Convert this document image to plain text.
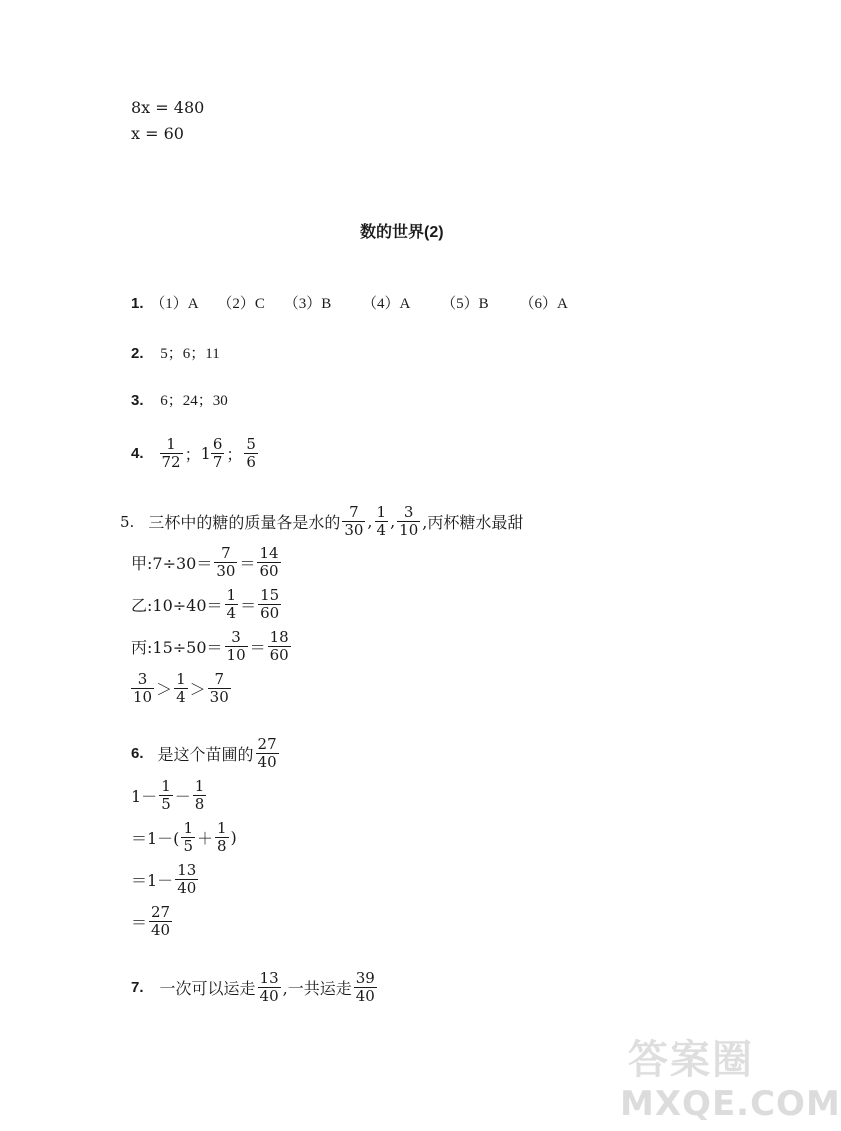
8x = 480
x = 60
数的世界(2)
1. （1）A （2）C （3）B （4）A （5）B （6）A
2. 5；6；11
3. 6；24；30
4. $\frac{1}{72}$ ； $1 \frac{6}{7}$ ； $\frac{5}{6}$
5. 三杯中的糖的质量各是水的 $\frac{7}{30}$ , $\frac{1}{4}$ , $\frac{3}{10}$ ,丙杯糖水最甜
甲:7÷30＝ $\frac{7}{30} = \frac{14}{60}$
乙:10÷40＝ $\frac{1}{4} = \frac{15}{60}$
丙:15÷50＝ $\frac{3}{10} = \frac{18}{60}$
$\frac{3}{10} > \frac{1}{4} > \frac{7}{30}$
6. 是这个苗圃的 $\frac{27}{40}$
$1- \frac{1}{5} - \frac{1}{8}$
$=1-( \frac{1}{5} + \frac{1}{8}$ )
$=1- \frac{13}{40}$
＝ $\frac{27}{40}$
7. 一次可以运走 $\frac{13}{40}$ ,一共运走 $\frac{39}{40}$
答案圈
MXQE.COM
